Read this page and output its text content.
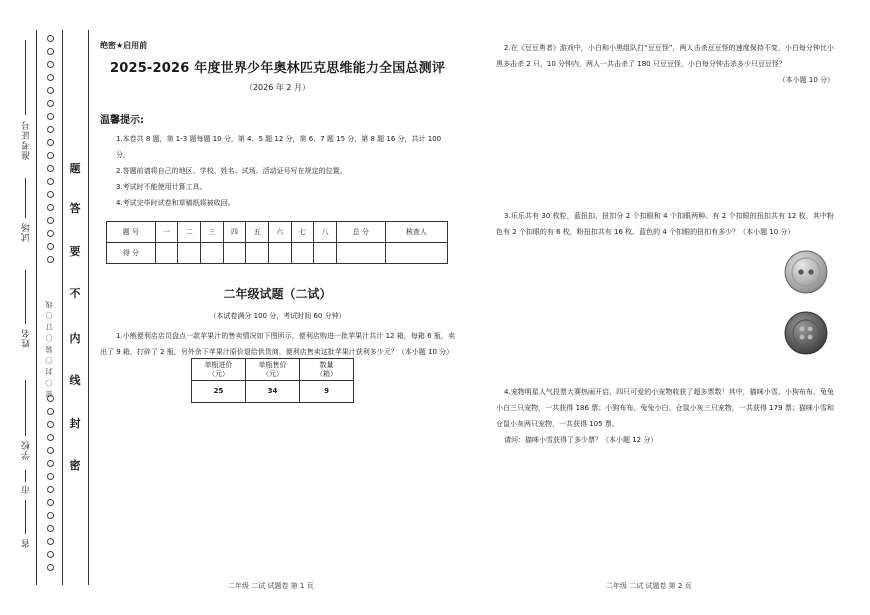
密 〇 封 〇 装 〇 订 〇 线
准考证号
试场
姓名
学校
市
省
题
答
要
不
内
线
封
密
绝密★启用前
2025-2026 年度世界少年奥林匹克思维能力全国总测评
（2026 年 2 月）
温馨提示:
1.本卷共 8 题，第 1-3 题每题 10 分，第 4、5 题 12 分，第 6、7 题 15 分，第 8 题 16 分，共计 100 分。
2.答题前请将自己的地区、学校、姓名、试场、活动证号写在规定的位置。
3.考试时不能使用计算工具。
4.考试完毕时试卷和草稿纸将被收回。
题 号	一	二	三	四	五	六	七	八	总 分	核查人
得 分										
二年级试题（二试）
（本试卷满分 100 分，考试时间 60 分钟）
1.小熊便利店店员盘点一款苹果汁的售卖情况如下图所示，便利店购进一批苹果汁共计 12 箱，每箱 6 瓶，卖出了 9 箱，打碎了 2 瓶，另外余下苹果汁原价退给供货商，便利店售卖这批苹果汁获利多少元？（本小题 10 分）
单瓶进价
（元）	单瓶售价
（元）	数量
（箱）
25	34	9
二年级 二试 试题卷 第 1 页
2.在《豆豆勇者》游戏中，小白和小黑组队打“豆豆怪”，两人击杀豆豆怪的速度保持不变，小白每分钟比小黑多击杀 2 只，10 分钟内，两人一共击杀了 180 只豆豆怪，小白每分钟击杀多少只豆豆怪？
（本小题 10 分）
3.乐乐共有 30 枚粒，蓝扭扣，扭扣分 2 个扣眼和 4 个扣眼两种。有 2 个扣眼的扭扣共有 12 枚，其中粉色有 2 个扣眼的有 6 枚，粉扭扣共有 16 枚。蓝色的 4 个扣眼的扭扣有多少？（本小题 10 分）
4.宠物明星人气投票大赛热闹开启，四只可爱的小宠物收获了超多票数！其中，猫咪小雪、小狗布布、兔兔小白三只宠物，一共获得 186 票；小狗布布、兔兔小白、仓鼠小灰三只宠物，一共获得 179 票；猫咪小雪和仓鼠小灰两只宠物，一共获得 105 票。
请问：猫咪小雪获得了多少票？（本小题 12 分）
二年级 二试 试题卷 第 2 页
